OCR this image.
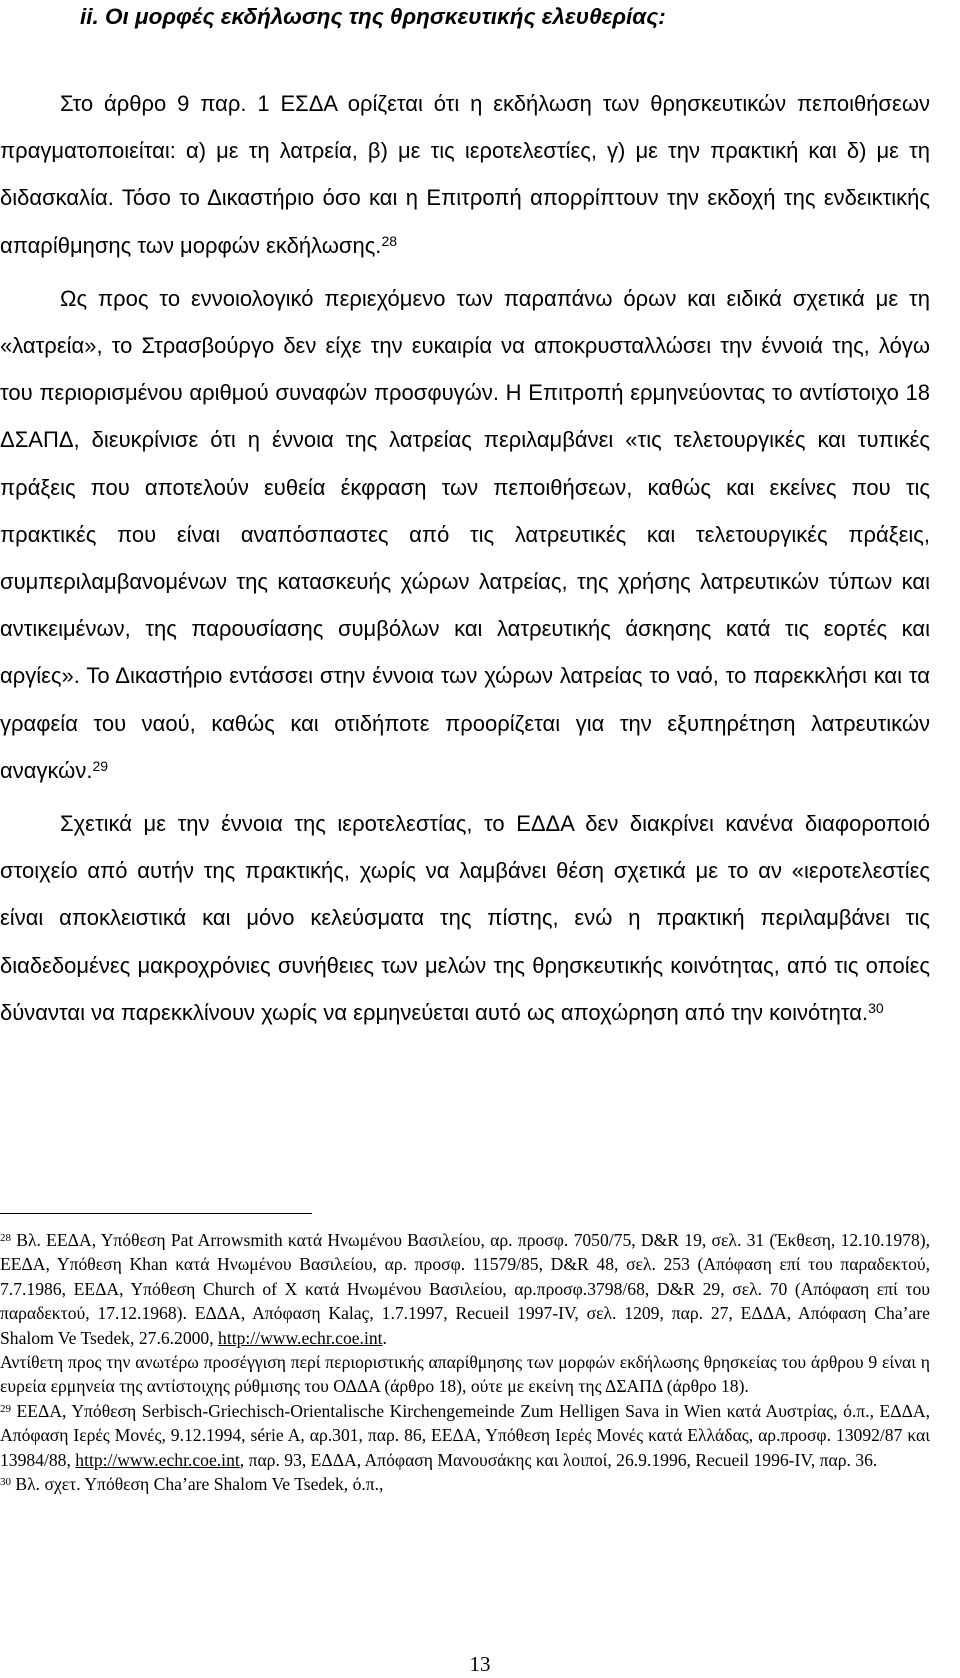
ii. Οι μορφές εκδήλωσης της θρησκευτικής ελευθερίας:

Στο άρθρο 9 παρ. 1 ΕΣΔΑ ορίζεται ότι η εκδήλωση των θρησκευτικών πεποιθήσεων πραγματοποιείται: α) με τη λατρεία, β) με τις ιεροτελεστίες, γ) με την πρακτική και δ) με τη διδασκαλία. Τόσο το Δικαστήριο όσο και η Επιτροπή απορρίπτουν την εκδοχή της ενδεικτικής απαρίθμησης των μορφών εκδήλωσης.$^{28}$

Ως προς το εννοιολογικό περιεχόμενο των παραπάνω όρων και ειδικά σχετικά με τη «λατρεία», το Στρασβούργο δεν είχε την ευκαιρία να αποκρυσταλλώσει την έννοιά της, λόγω του περιορισμένου αριθμού συναφών προσφυγών. Η Επιτροπή ερμηνεύοντας το αντίστοιχο 18 ΔΣΑΠΔ, διευκρίνισε ότι η έννοια της λατρείας περιλαμβάνει «τις τελετουργικές και τυπικές πράξεις που αποτελούν ευθεία έκφραση των πεποιθήσεων, καθώς και εκείνες που τις πρακτικές που είναι αναπόσπαστες από τις λατρευτικές και τελετουργικές πράξεις, συμπεριλαμβανομένων της κατασκευής χώρων λατρείας, της χρήσης λατρευτικών τύπων και αντικειμένων, της παρουσίασης συμβόλων και λατρευτικής άσκησης κατά τις εορτές και αργίες». Το Δικαστήριο εντάσσει στην έννοια των χώρων λατρείας το ναό, το παρεκκλήσι και τα γραφεία του ναού, καθώς και οτιδήποτε προορίζεται για την εξυπηρέτηση λατρευτικών αναγκών.$^{29}$

Σχετικά με την έννοια της ιεροτελεστίας, το ΕΔΔΑ δεν διακρίνει κανένα διαφοροποιό στοιχείο από αυτήν της πρακτικής, χωρίς να λαμβάνει θέση σχετικά με το αν «ιεροτελεστίες είναι αποκλειστικά και μόνο κελεύσματα της πίστης, ενώ η πρακτική περιλαμβάνει τις διαδεδομένες μακροχρόνιες συνήθειες των μελών της θρησκευτικής κοινότητας, από τις οποίες δύνανται να παρεκκλίνουν χωρίς να ερμηνεύεται αυτό ως αποχώρηση από την κοινότητα.$^{30}$

$^{28}$ Βλ. ΕΕΔΑ, Υπόθεση Pat Arrowsmith κατά Ηνωμένου Βασιλείου, αρ. προσφ. 7050/75, D&R 19, σελ. 31 (Έκθεση, 12.10.1978), ΕΕΔΑ, Υπόθεση Khan κατά Ηνωμένου Βασιλείου, αρ. προσφ. 11579/85, D&R 48, σελ. 253 (Απόφαση επί του παραδεκτού, 7.7.1986, ΕΕΔΑ, Υπόθεση Church of X κατά Ηνωμένου Βασιλείου, αρ.προσφ.3798/68, D&R 29, σελ. 70 (Απόφαση επί του παραδεκτού, 17.12.1968). ΕΔΔΑ, Απόφαση Kalaç, 1.7.1997, Recueil 1997-IV, σελ. 1209, παρ. 27, ΕΔΔΑ, Απόφαση Cha’are Shalom Ve Tsedek, 27.6.2000, http://www.echr.coe.int.

Αντίθετη προς την ανωτέρω προσέγγιση περί περιοριστικής απαρίθμησης των μορφών εκδήλωσης θρησκείας του άρθρου 9 είναι η ευρεία ερμηνεία της αντίστοιχης ρύθμισης του ΟΔΔΑ (άρθρο 18), ούτε με εκείνη της ΔΣΑΠΔ (άρθρο 18).

$^{29}$ ΕΕΔΑ, Υπόθεση Serbisch-Griechisch-Orientalische Kirchengemeinde Zum Helligen Sava in Wien κατά Αυστρίας, ό.π., ΕΔΔΑ, Απόφαση Ιερές Μονές, 9.12.1994, série A, αρ.301, παρ. 86, ΕΕΔΑ, Υπόθεση Ιερές Μονές κατά Ελλάδας, αρ.προσφ. 13092/87 και 13984/88, http://www.echr.coe.int, παρ. 93, ΕΔΔΑ, Απόφαση Μανουσάκης και λοιποί, 26.9.1996, Recueil 1996-IV, παρ. 36.

$^{30}$ Βλ. σχετ. Υπόθεση Cha’are Shalom Ve Tsedek, ό.π.,

13
